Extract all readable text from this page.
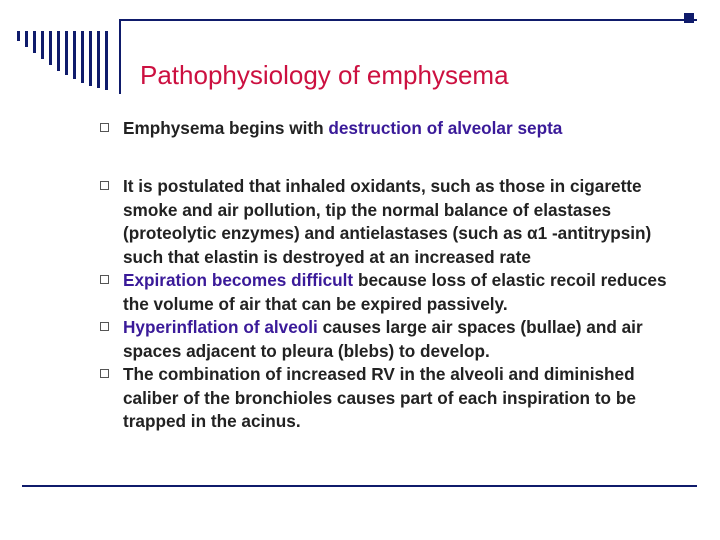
Pathophysiology of emphysema
Emphysema begins with destruction of alveolar septa
It is postulated that inhaled oxidants, such as those in cigarette smoke and air pollution, tip the normal balance of elastases (proteolytic enzymes) and antielastases (such as α1 -antitrypsin) such that elastin is destroyed at an increased rate
Expiration becomes difficult because loss of elastic recoil reduces the volume of air that can be expired passively.
Hyperinflation of alveoli causes large air spaces (bullae) and air spaces adjacent to pleura (blebs) to develop.
The combination of increased RV in the alveoli and diminished caliber of the bronchioles causes part of each inspiration to be trapped in the acinus.
